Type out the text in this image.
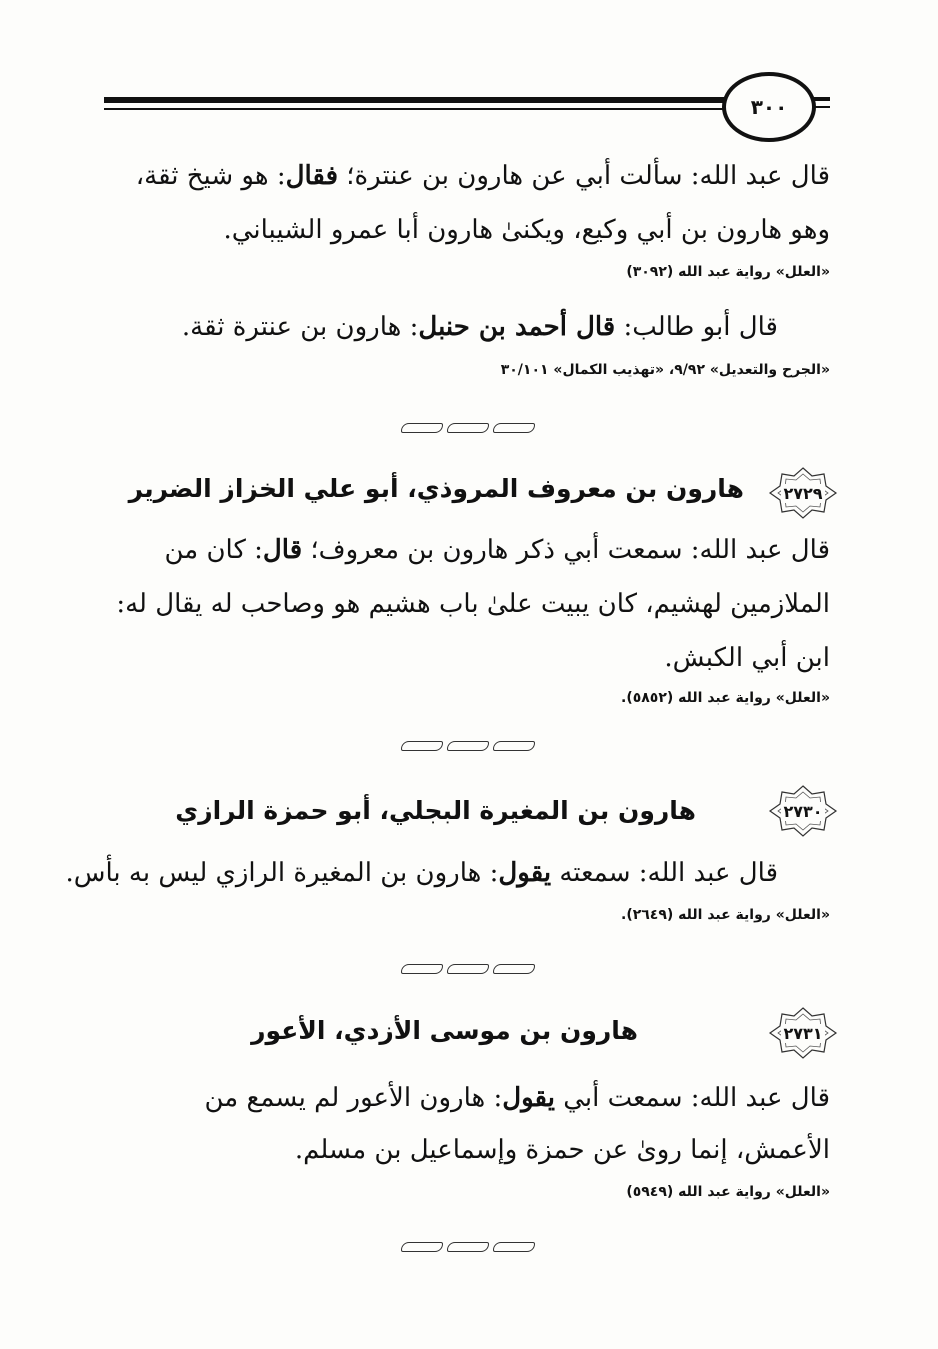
٣٠٠
قال عبد الله: سألت أبي عن هارون بن عنترة؛ فقال: هو شيخ ثقة،
وهو هارون بن أبي وكيع، ويكنىٰ هارون أبا عمرو الشيباني.
«العلل» رواية عبد الله (٣٠٩٢)
قال أبو طالب: قال أحمد بن حنبل: هارون بن عنترة ثقة.
«الجرح والتعديل» ٩/٩٢، «تهذيب الكمال» ٣٠/١٠١
٢٧٢٩
هارون بن معروف المروذي، أبو علي الخزاز الضرير
قال عبد الله: سمعت أبي ذكر هارون بن معروف؛ قال: كان من
الملازمين لهشيم، كان يبيت علىٰ باب هشيم هو وصاحب له يقال له:
ابن أبي الكبش.
«العلل» رواية عبد الله (٥٨٥٢).
٢٧٣٠
هارون بن المغيرة البجلي، أبو حمزة الرازي
قال عبد الله: سمعته يقول: هارون بن المغيرة الرازي ليس به بأس.
«العلل» رواية عبد الله (٢٦٤٩).
٢٧٣١
هارون بن موسى الأزدي، الأعور
قال عبد الله: سمعت أبي يقول: هارون الأعور لم يسمع من
الأعمش، إنما روىٰ عن حمزة وإسماعيل بن مسلم.
«العلل» رواية عبد الله (٥٩٤٩)
